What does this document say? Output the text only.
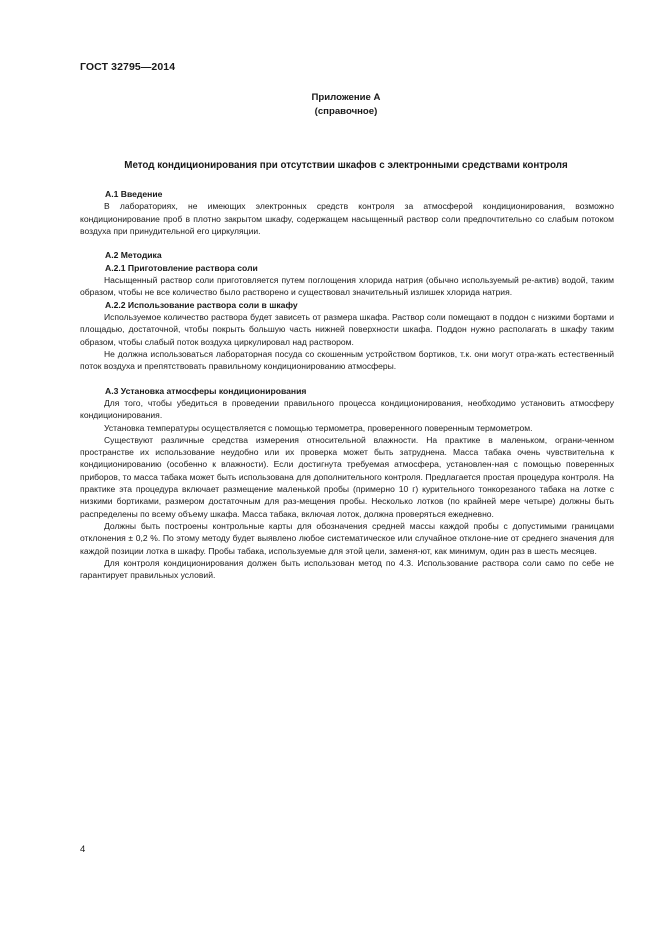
ГОСТ 32795—2014
Приложение А
(справочное)
Метод кондиционирования при отсутствии шкафов с электронными средствами контроля
А.1 Введение

В лабораториях, не имеющих электронных средств контроля за атмосферой кондиционирования, возможно кондиционирование проб в плотно закрытом шкафу, содержащем насыщенный раствор соли предпочтительно со слабым потоком воздуха при принудительной его циркуляции.

А.2 Методика
А.2.1 Приготовление раствора соли

Насыщенный раствор соли приготовляется путем поглощения хлорида натрия (обычно используемый ре-актив) водой, таким образом, чтобы не все количество было растворено и существовал значительный излишек хлорида натрия.

А.2.2 Использование раствора соли в шкафу

Используемое количество раствора будет зависеть от размера шкафа. Раствор соли помещают в поддон с низкими бортами и площадью, достаточной, чтобы покрыть большую часть нижней поверхности шкафа. Поддон нужно располагать в шкафу таким образом, чтобы слабый поток воздуха циркулировал над раствором.

Не должна использоваться лабораторная посуда со скошенным устройством бортиков, т.к. они могут отра-жать естественный поток воздуха и препятствовать правильному кондиционированию атмосферы.

А.3 Установка атмосферы кондиционирования

Для того, чтобы убедиться в проведении правильного процесса кондиционирования, необходимо установить атмосферу кондиционирования.

Установка температуры осуществляется с помощью термометра, проверенного поверенным термометром.

Существуют различные средства измерения относительной влажности. На практике в маленьком, ограни-ченном пространстве их использование неудобно или их проверка может быть затруднена. Масса табака очень чувствительна к кондиционированию (особенно к влажности). Если достигнута требуемая атмосфера, установлен-ная с помощью поверенных приборов, то масса табака может быть использована для дополнительного контроля. Предлагается простая процедура контроля. На практике эта процедура включает размещение маленькой пробы (примерно 10 г) курительного тонкорезаного табака на лотке с низкими бортиками, размером достаточным для раз-мещения пробы. Несколько лотков (по крайней мере четыре) должны быть распределены по всему объему шкафа. Масса табака, включая лоток, должна проверяться ежедневно.

Должны быть построены контрольные карты для обозначения средней массы каждой пробы с допустимыми границами отклонения ± 0,2 %. По этому методу будет выявлено любое систематическое или случайное отклоне-ние от среднего значения для каждой позиции лотка в шкафу. Пробы табака, используемые для этой цели, заменя-ют, как минимум, один раз в шесть месяцев.

Для контроля кондиционирования должен быть использован метод по 4.3. Использование раствора соли само по себе не гарантирует правильных условий.

4
